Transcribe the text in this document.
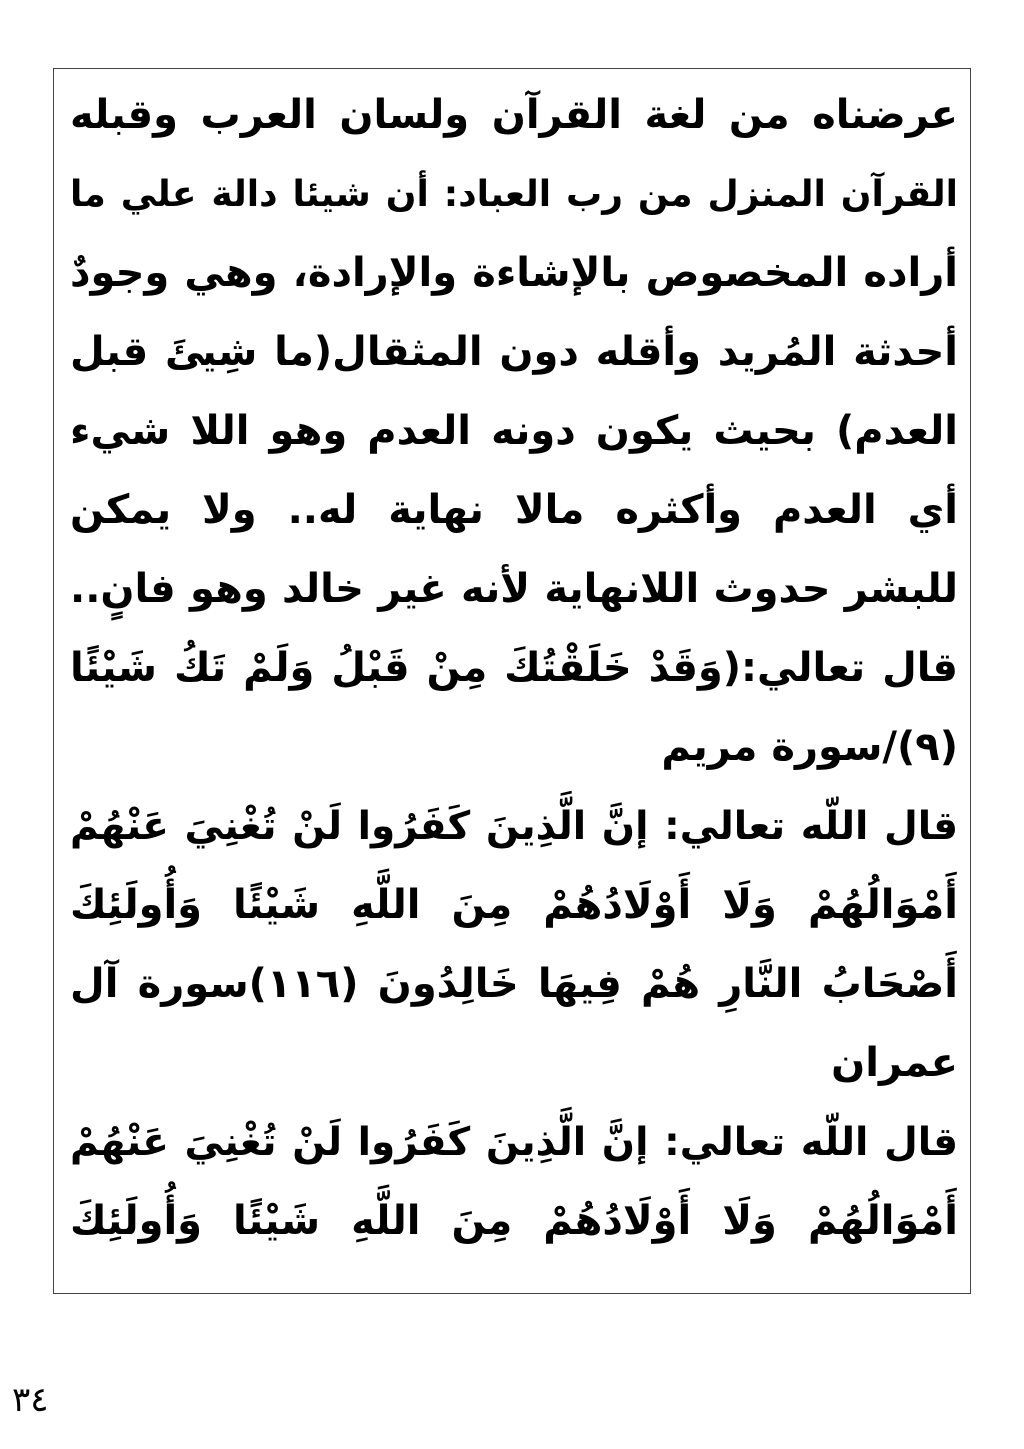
عرضناه من لغة القرآن ولسان العرب وقبله
القرآن المنزل من رب العباد: أن شيئا دالة علي ما
أراده المخصوص بالإشاءة والإرادة، وهي وجودٌ
أحدثة المُريد وأقله دون المثقال(ما شِيئَ قبل
العدم) بحيث يكون دونه العدم وهو اللا شيء
أي العدم وأكثره مالا نهاية له.. ولا يمكن
للبشر حدوث اللانهاية لأنه غير خالد وهو فانٍ..
قال تعالي:(وَقَدْ خَلَقْتُكَ مِنْ قَبْلُ وَلَمْ تَكُ شَيْئًا
(٩)/سورة مريم
قال اللّه تعالي: إنَّ الَّذِينَ كَفَرُوا لَنْ تُغْنِيَ عَنْهُمْ
أَمْوَالُهُمْ وَلَا أَوْلَادُهُمْ مِنَ اللَّهِ شَيْئًا وَأُولَئِكَ
أَصْحَابُ النَّارِ هُمْ فِيهَا خَالِدُونَ (١١٦)سورة آل
عمران
قال اللّه تعالي: إنَّ الَّذِينَ كَفَرُوا لَنْ تُغْنِيَ عَنْهُمْ
أَمْوَالُهُمْ وَلَا أَوْلَادُهُمْ مِنَ اللَّهِ شَيْئًا وَأُولَئِكَ
٣٤
